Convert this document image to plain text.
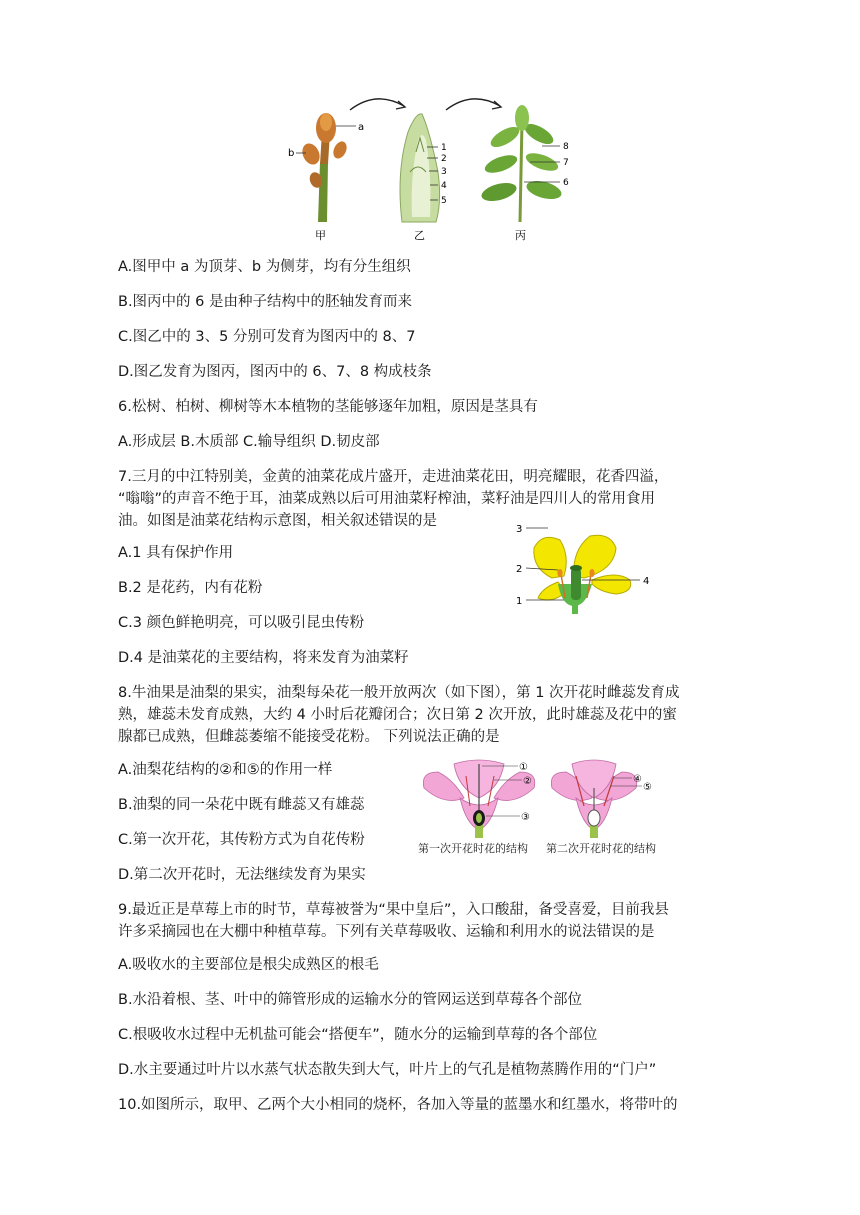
a
b
甲
1
2
3
4
5
乙
8
7
6
丙
A.图甲中 a 为顶芽、b 为侧芽，均有分生组织
B.图丙中的 6 是由种子结构中的胚轴发育而来
C.图乙中的 3、5 分别可发育为图丙中的 8、7
D.图乙发育为图丙，图丙中的 6、7、8 构成枝条
6.松树、柏树、柳树等木本植物的茎能够逐年加粗，原因是茎具有
A.形成层 B.木质部 C.输导组织 D.韧皮部
7.三月的中江特别美，金黄的油菜花成片盛开，走进油菜花田，明亮耀眼，花香四溢，
“嗡嗡”的声音不绝于耳，油菜成熟以后可用油菜籽榨油，菜籽油是四川人的常用食用
油。如图是油菜花结构示意图，相关叙述错误的是
A.1 具有保护作用
B.2 是花药，内有花粉
C.3 颜色鲜艳明亮，可以吸引昆虫传粉
D.4 是油菜花的主要结构，将来发育为油菜籽
3
2
1
4
8.牛油果是油梨的果实，油梨每朵花一般开放两次（如下图），第 1 次开花时雌蕊发育成
熟，雄蕊未发育成熟，大约 4 小时后花瓣闭合；次日第 2 次开放，此时雄蕊及花中的蜜
腺都已成熟，但雌蕊萎缩不能接受花粉。 下列说法正确的是
A.油梨花结构的②和⑤的作用一样
B.油梨的同一朵花中既有雌蕊又有雄蕊
C.第一次开花，其传粉方式为自花传粉
D.第二次开花时，无法继续发育为果实
①
②
③
④
⑤
第一次开花时花的结构 第二次开花时花的结构
9.最近正是草莓上市的时节，草莓被誉为“果中皇后”，入口酸甜，备受喜爱，目前我县
许多采摘园也在大棚中种植草莓。下列有关草莓吸收、运输和利用水的说法错误的是
A.吸收水的主要部位是根尖成熟区的根毛
B.水沿着根、茎、叶中的筛管形成的运输水分的管网运送到草莓各个部位
C.根吸收水过程中无机盐可能会“搭便车”，随水分的运输到草莓的各个部位
D.水主要通过叶片以水蒸气状态散失到大气，叶片上的气孔是植物蒸腾作用的“门户”
10.如图所示，取甲、乙两个大小相同的烧杯，各加入等量的蓝墨水和红墨水，将带叶的
